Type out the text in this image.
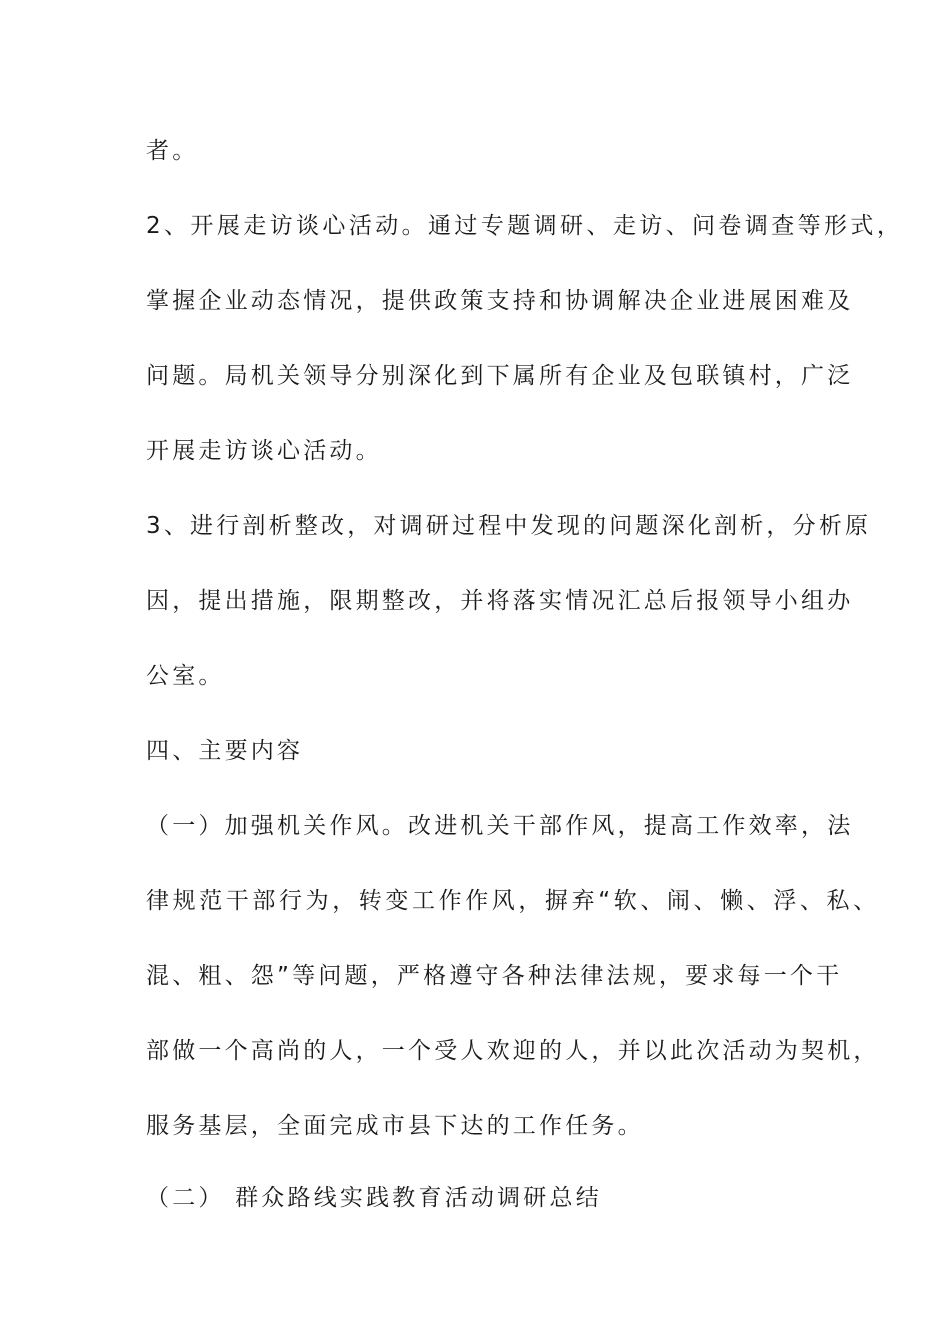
者。
2、开展走访谈心活动。通过专题调研、走访、问卷调查等形式，
掌握企业动态情况，提供政策支持和协调解决企业进展困难及
问题。局机关领导分别深化到下属所有企业及包联镇村，广泛
开展走访谈心活动。
3、进行剖析整改，对调研过程中发现的问题深化剖析，分析原
因，提出措施，限期整改，并将落实情况汇总后报领导小组办
公室。
四、主要内容
（一）加强机关作风。改进机关干部作风，提高工作效率，法
律规范干部行为，转变工作作风，摒弃“软、闹、懒、浮、私、
混、粗、怨”等问题，严格遵守各种法律法规，要求每一个干
部做一个高尚的人，一个受人欢迎的人，并以此次活动为契机，
服务基层，全面完成市县下达的工作任务。
（二） 群众路线实践教育活动调研总结
